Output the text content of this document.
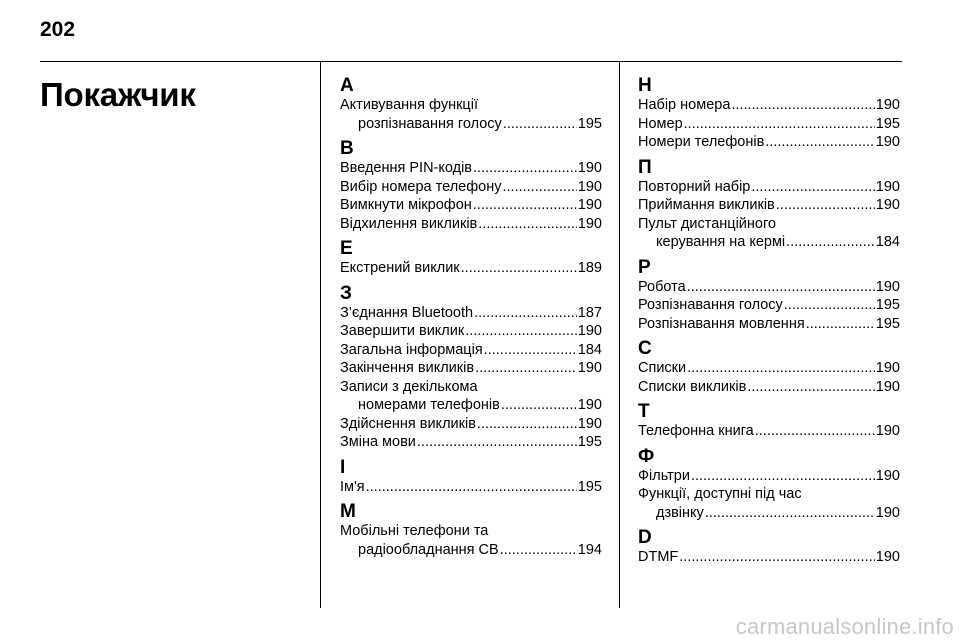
202
Покажчик	А
Активування функції
розпізнавання голосу .....	195
В
Введення PIN-кодів .....	190
Вибір номера телефону .....	190
Вимкнути мікрофон .....	190
Відхилення викликів .....	190
Е
Екстрений виклик .....	189
З
З’єднання Bluetooth .....	187
Завершити виклик .....	190
Загальна інформація .....	184
Закінчення викликів .....	190
Записи з декількома
номерами телефонів .....	190
Здійснення викликів .....	190
Зміна мови .....	195
І
Ім'я .....	195
М
Мобільні телефони та
радіообладнання СВ .....	194
Н
Набір номера .....	190
Номер .....	195
Номери телефонів .....	190
П
Повторний набір .....	190
Приймання викликів .....	190
Пульт дистанційного
керування на кермі .....	184
Р
Робота .....	190
Розпізнавання голосу .....	195
Розпізнавання мовлення .....	195
С
Списки .....	190
Списки викликів .....	190
Т
Телефонна книга .....	190
Ф
Фільтри .....	190
Функції, доступні під час
дзвінку .....	190
D
DTMF .....	190
carmanualsonline.info
